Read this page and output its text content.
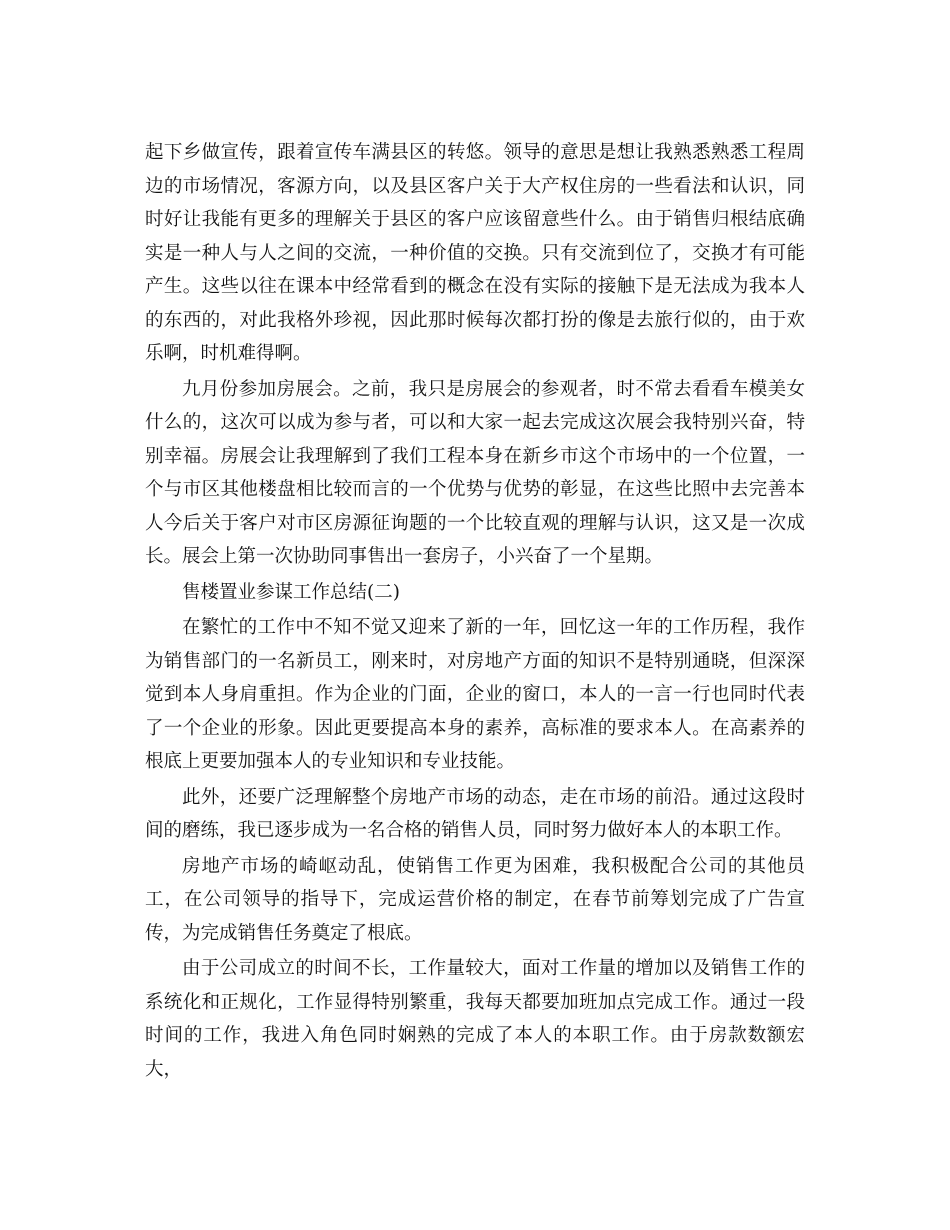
起下乡做宣传，跟着宣传车满县区的转悠。领导的意思是想让我熟悉熟悉工程周边的市场情况，客源方向，以及县区客户关于大产权住房的一些看法和认识，同时好让我能有更多的理解关于县区的客户应该留意些什么。由于销售归根结底确实是一种人与人之间的交流，一种价值的交换。只有交流到位了，交换才有可能产生。这些以往在课本中经常看到的概念在没有实际的接触下是无法成为我本人的东西的，对此我格外珍视，因此那时候每次都打扮的像是去旅行似的，由于欢乐啊，时机难得啊。

九月份参加房展会。之前，我只是房展会的参观者，时不常去看看车模美女什么的，这次可以成为参与者，可以和大家一起去完成这次展会我特别兴奋，特别幸福。房展会让我理解到了我们工程本身在新乡市这个市场中的一个位置，一个与市区其他楼盘相比较而言的一个优势与优势的彰显，在这些比照中去完善本人今后关于客户对市区房源征询题的一个比较直观的理解与认识，这又是一次成长。展会上第一次协助同事售出一套房子，小兴奋了一个星期。

售楼置业参谋工作总结(二)

在繁忙的工作中不知不觉又迎来了新的一年，回忆这一年的工作历程，我作为销售部门的一名新员工，刚来时，对房地产方面的知识不是特别通晓，但深深觉到本人身肩重担。作为企业的门面，企业的窗口，本人的一言一行也同时代表了一个企业的形象。因此更要提高本身的素养，高标准的要求本人。在高素养的根底上更要加强本人的专业知识和专业技能。

此外，还要广泛理解整个房地产市场的动态，走在市场的前沿。通过这段时间的磨练，我已逐步成为一名合格的销售人员，同时努力做好本人的本职工作。

房地产市场的崎岖动乱，使销售工作更为困难，我积极配合公司的其他员工，在公司领导的指导下，完成运营价格的制定，在春节前筹划完成了广告宣传，为完成销售任务奠定了根底。

由于公司成立的时间不长，工作量较大，面对工作量的增加以及销售工作的系统化和正规化，工作显得特别繁重，我每天都要加班加点完成工作。通过一段时间的工作，我进入角色同时娴熟的完成了本人的本职工作。由于房款数额宏大，
